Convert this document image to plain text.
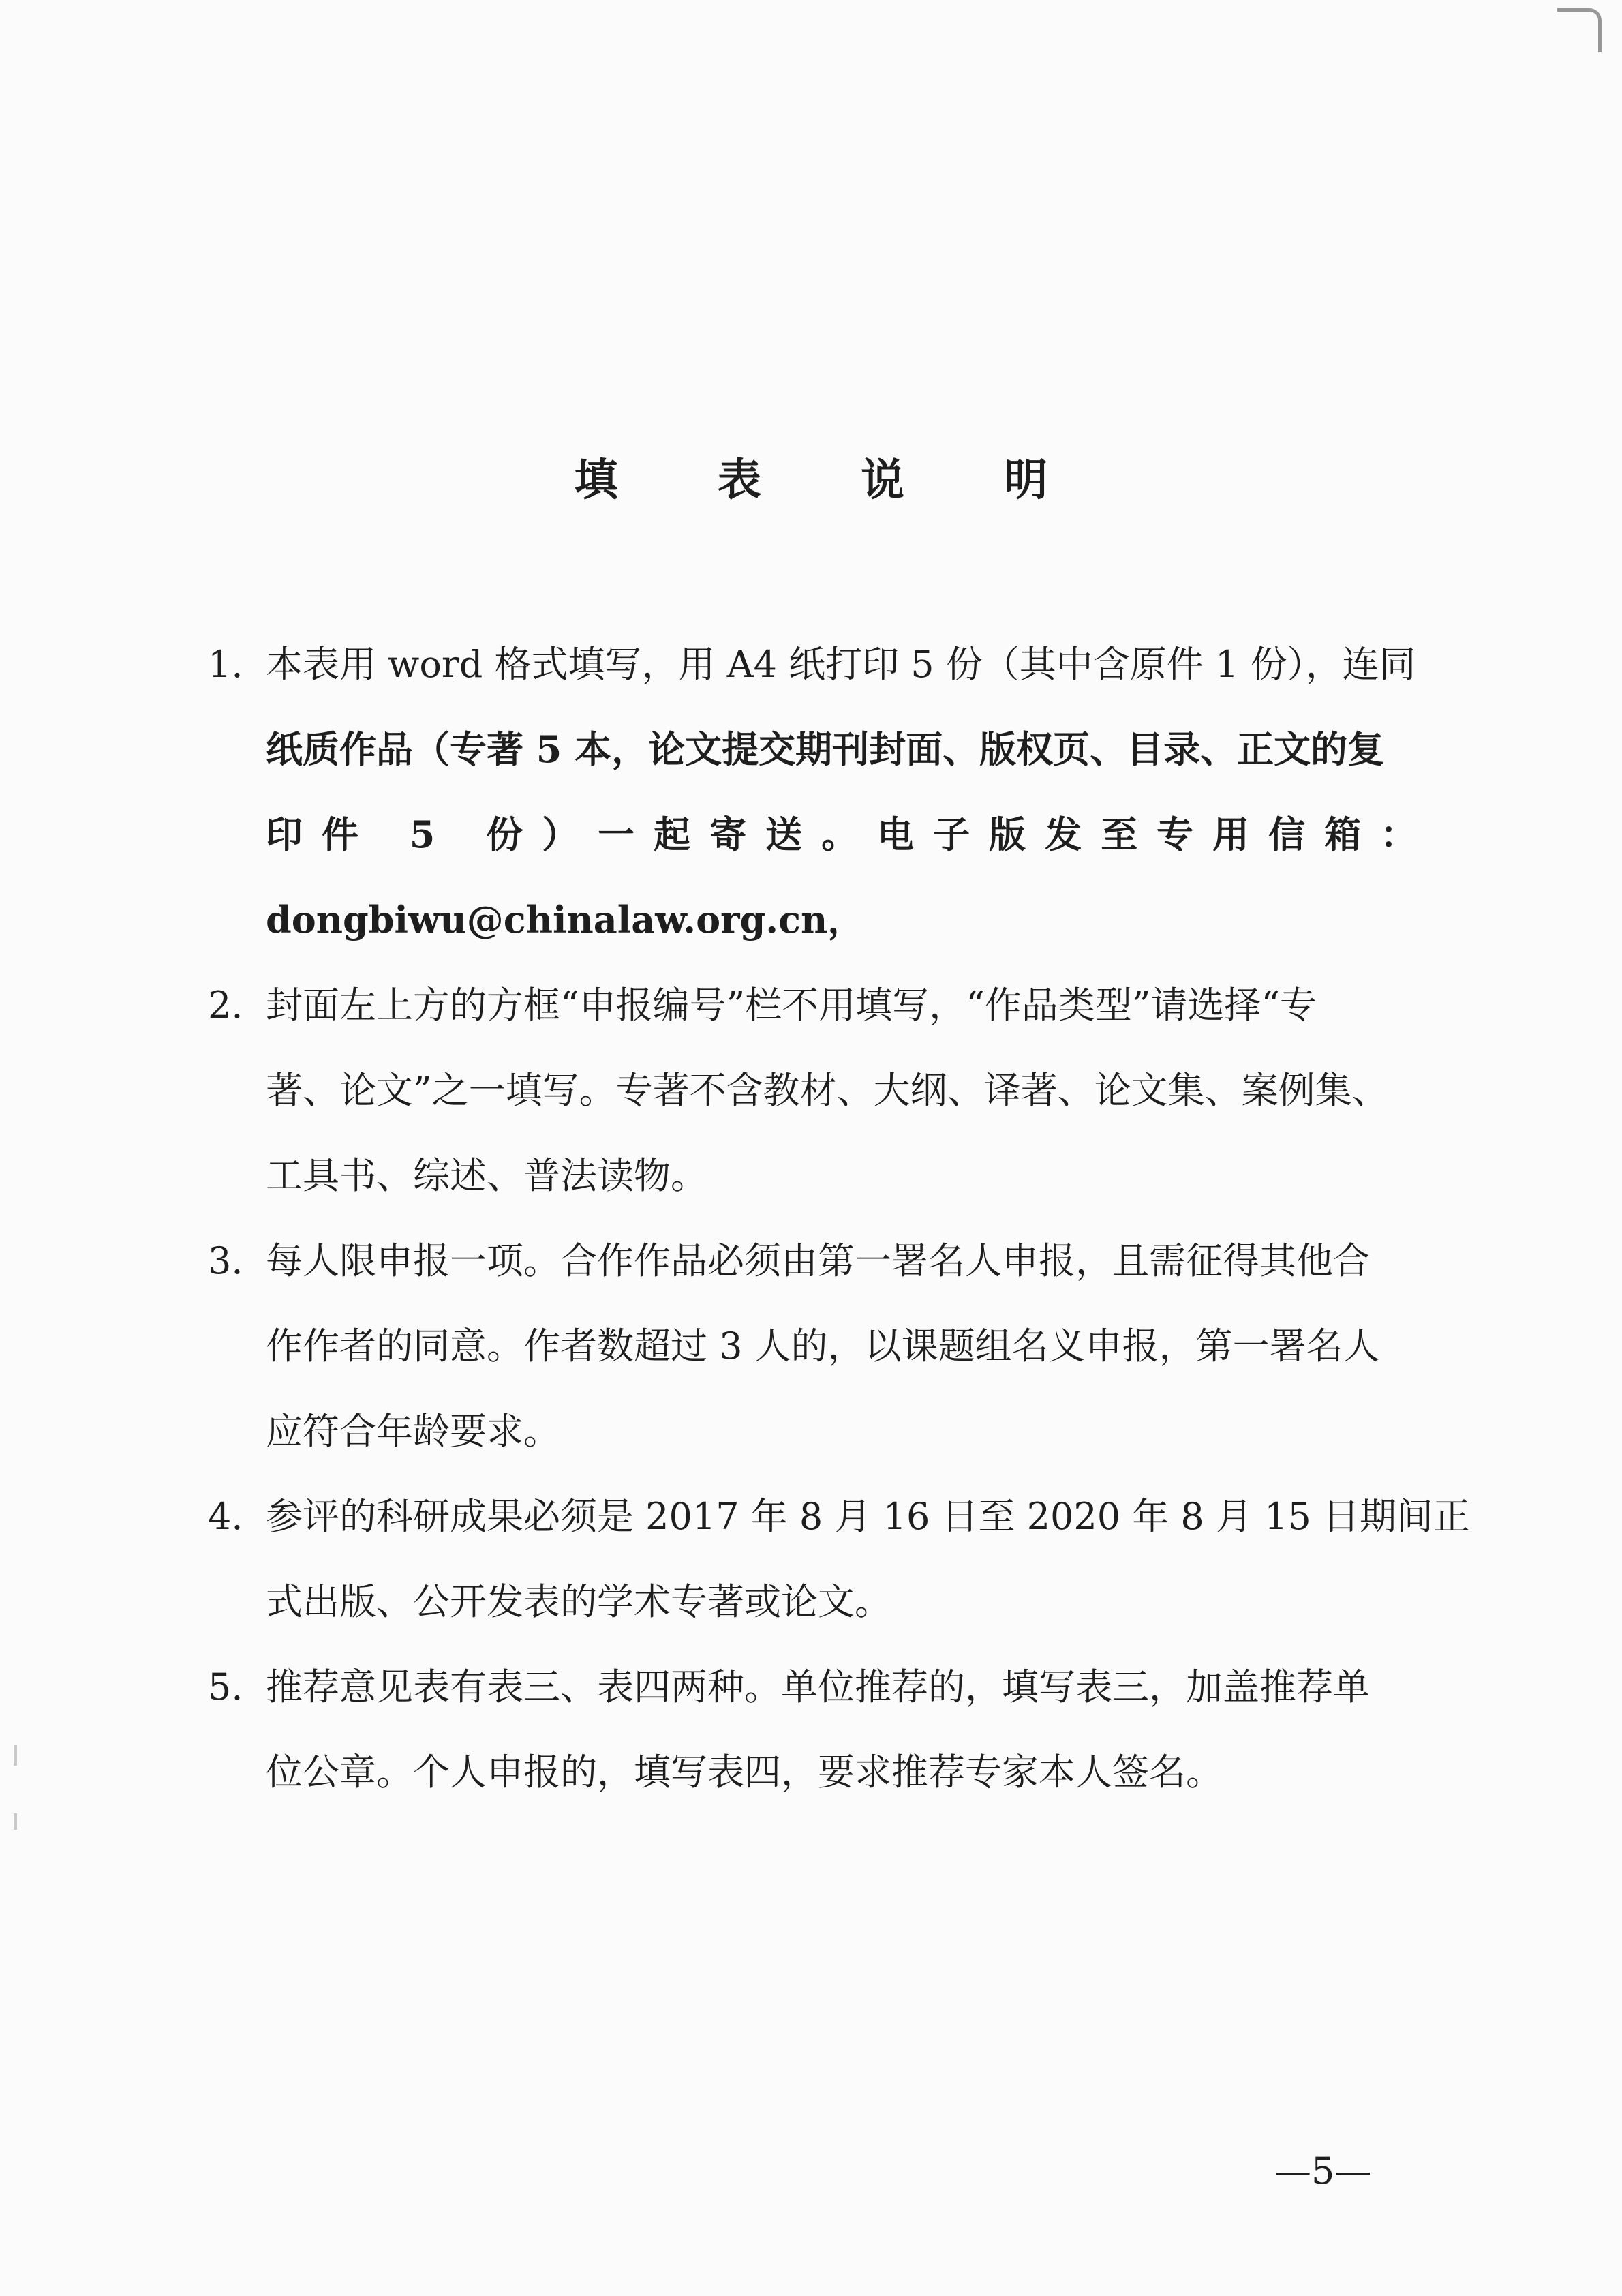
填 表 说 明
1. 本表用 word 格式填写，用 A4 纸打印 5 份（其中含原件 1 份），连同
纸质作品（专著 5 本，论文提交期刊封面、版权页、目录、正文的复
印件 5 份）一起寄送。电子版发至专用信箱：
dongbiwu@chinalaw.org.cn，
2. 封面左上方的方框“申报编号”栏不用填写，“作品类型”请选择“专
著、论文”之一填写。专著不含教材、大纲、译著、论文集、案例集、
工具书、综述、普法读物。
3. 每人限申报一项。合作作品必须由第一署名人申报，且需征得其他合
作作者的同意。作者数超过 3 人的，以课题组名义申报，第一署名人
应符合年龄要求。
4. 参评的科研成果必须是 2017 年 8 月 16 日至 2020 年 8 月 15 日期间正
式出版、公开发表的学术专著或论文。
5. 推荐意见表有表三、表四两种。单位推荐的，填写表三，加盖推荐单
位公章。个人申报的，填写表四，要求推荐专家本人签名。
—5—
